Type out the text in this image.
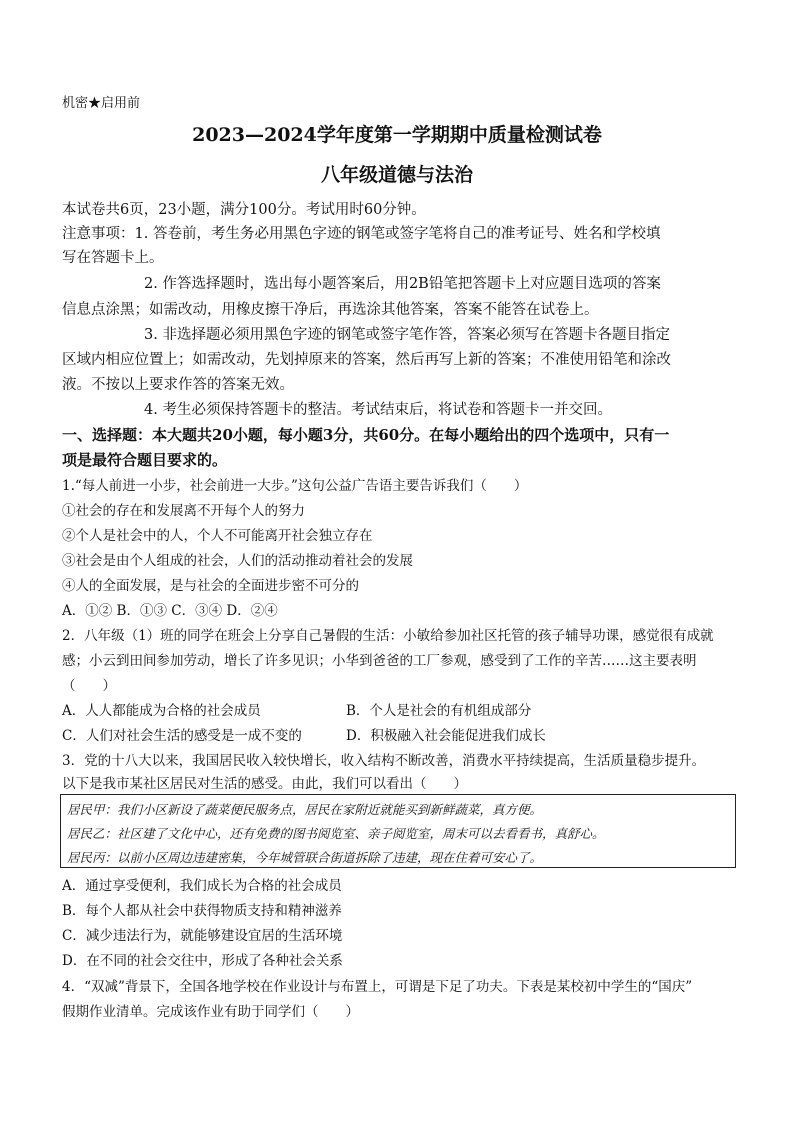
机密★启用前
2023—2024学年度第一学期期中质量检测试卷
八年级道德与法治
本试卷共6页，23小题，满分100分。考试用时60分钟。
注意事项：1. 答卷前，考生务必用黑色字迹的钢笔或签字笔将自己的准考证号、姓名和学校填
写在答题卡上。
2. 作答选择题时，选出每小题答案后，用2B铅笔把答题卡上对应题目选项的答案
信息点涂黑；如需改动，用橡皮擦干净后，再选涂其他答案，答案不能答在试卷上。
3. 非选择题必须用黑色字迹的钢笔或签字笔作答，答案必须写在答题卡各题目指定
区域内相应位置上；如需改动，先划掉原来的答案，然后再写上新的答案；不准使用铅笔和涂改
液。不按以上要求作答的答案无效。
4. 考生必须保持答题卡的整洁。考试结束后，将试卷和答题卡一并交回。
一、选择题：本大题共20小题，每小题3分，共60分。在每小题给出的四个选项中，只有一
项是最符合题目要求的。
1.“每人前进一小步，社会前进一大步。”这句公益广告语主要告诉我们（　　）
①社会的存在和发展离不开每个人的努力
②个人是社会中的人，个人不可能离开社会独立存在
③社会是由个人组成的社会，人们的活动推动着社会的发展
④人的全面发展，是与社会的全面进步密不可分的
A．①② B．①③ C．③④ D．②④
2．八年级（1）班的同学在班会上分享自己暑假的生活：小敏给参加社区托管的孩子辅导功课，感觉很有成就
感；小云到田间参加劳动，增长了许多见识；小华到爸爸的工厂参观，感受到了工作的辛苦……这主要表明
（　　）
A．人人都能成为合格的社会成员	B．个人是社会的有机组成部分
C．人们对社会生活的感受是一成不变的	D．积极融入社会能促进我们成长
3．党的十八大以来，我国居民收入较快增长，收入结构不断改善，消费水平持续提高，生活质量稳步提升。
以下是我市某社区居民对生活的感受。由此，我们可以看出（　　）
居民甲：我们小区新设了蔬菜便民服务点，居民在家附近就能买到新鲜蔬菜，真方便。
居民乙：社区建了文化中心，还有免费的图书阅览室、亲子阅览室，周末可以去看看书，真舒心。
居民丙：以前小区周边违建密集，今年城管联合街道拆除了违建，现在住着可安心了。
A．通过享受便利，我们成长为合格的社会成员
B．每个人都从社会中获得物质支持和精神滋养
C．减少违法行为，就能够建设宜居的生活环境
D．在不同的社会交往中，形成了各种社会关系
4．“双减”背景下，全国各地学校在作业设计与布置上，可谓是下足了功夫。下表是某校初中学生的“国庆”
假期作业清单。完成该作业有助于同学们（　　）
